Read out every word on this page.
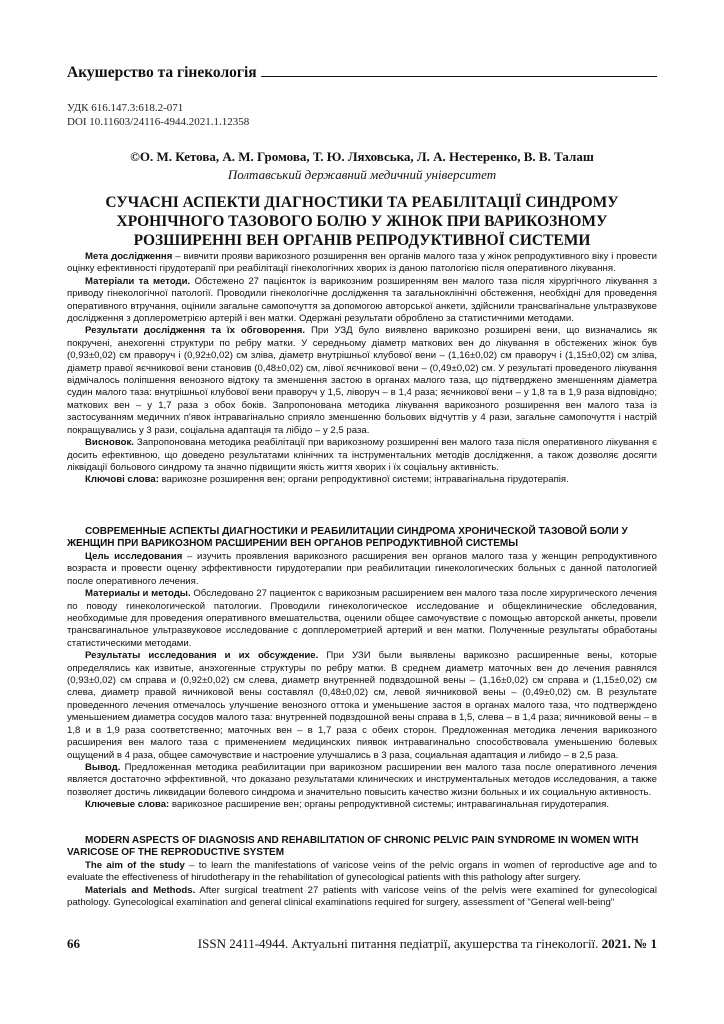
Акушерство та гінекологія
УДК 616.147.3:618.2-071
DOI 10.11603/24116-4944.2021.1.12358
©О. М. Кетова, А. М. Громова, Т. Ю. Ляховська, Л. А. Нестеренко, В. В. Талаш
Полтавський державний медичний університет
СУЧАСНІ АСПЕКТИ ДІАГНОСТИКИ ТА РЕАБІЛІТАЦІЇ СИНДРОМУ ХРОНІЧНОГО ТАЗОВОГО БОЛЮ У ЖІНОК ПРИ ВАРИКОЗНОМУ РОЗШИРЕННІ ВЕН ОРГАНІВ РЕПРОДУКТИВНОЇ СИСТЕМИ

Мета дослідження – вивчити прояви варикозного розширення вен органів малого таза у жінок репродуктивного віку і провести оцінку ефективності гірудотерапії при реабілітації гінекологічних хворих із даною патологією після оперативного лікування.

Матеріали та методи. Обстежено 27 пацієнток із варикозним розширенням вен малого таза після хірургічного лікування з приводу гінекологічної патології. Проводили гінекологічне дослідження та загальноклінічні обстеження, необхідні для проведення оперативного втручання, оцінили загальне самопочуття за допомогою авторської анкети, здійснили трансвагінальне ультразвукове дослідження з доплерометрією артерій і вен матки. Одержані результати оброблено за статистичними методами.

Результати дослідження та їх обговорення. При УЗД було виявлено варикозно розширені вени, що визначались як покручені, анехогенні структури по ребру матки. У середньому діаметр маткових вен до лікування в обстежених жінок був (0,93±0,02) см праворуч і (0,92±0,02) см зліва, діаметр внутрішньої клубової вени – (1,16±0,02) см праворуч і (1,15±0,02) см зліва, діаметр правої яєчникової вени становив (0,48±0,02) см, лівої яєчникової вени – (0,49±0,02) см. У результаті проведеного лікування відмічалось поліпшення венозного відтоку та зменшення застою в органах малого таза, що підтверджено зменшенням діаметра судин малого таза: внутрішньої клубової вени праворуч у 1,5, ліворуч – в 1,4 раза; яєчникової вени – у 1,8 та в 1,9 раза відповідно; маткових вен – у 1,7 раза з обох боків. Запропонована методика лікування варикозного розширення вен малого таза із застосуванням медичних п'явок інтравагінально сприяло зменшенню больових відчуттів у 4 рази, загальне самопочуття і настрій покращувались у 3 рази, соціальна адаптація та лібідо – у 2,5 раза.

Висновок. Запропонована методика реабілітації при варикозному розширенні вен малого таза після оперативного лікування є досить ефективною, що доведено результатами клінічних та інструментальних методів дослідження, а також дозволяє досягти ліквідації больового синдрому та значно підвищити якість життя хворих і їх соціальну активність.

Ключові слова: варикозне розширення вен; органи репродуктивної системи; інтравагінальна гірудотерапія.

СОВРЕМЕННЫЕ АСПЕКТЫ ДИАГНОСТИКИ И РЕАБИЛИТАЦИИ СИНДРОМА ХРОНИЧЕСКОЙ ТАЗОВОЙ БОЛИ У ЖЕНЩИН ПРИ ВАРИКОЗНОМ РАСШИРЕНИИ ВЕН ОРГАНОВ РЕПРОДУКТИВНОЙ СИСТЕМЫ

Цель исследования – изучить проявления варикозного расширения вен органов малого таза у женщин репродуктивного возраста и провести оценку эффективности гирудотерапии при реабилитации гинекологических больных с данной патологией после оперативного лечения.

Материалы и методы. Обследовано 27 пациенток с варикозным расширением вен малого таза после хирургического лечения по поводу гинекологической патологии. Проводили гинекологическое исследование и общеклинические обследования, необходимые для проведения оперативного вмешательства, оценили общее самочувствие с помощью авторской анкеты, провели трансвагинальное ультразвуковое исследование с допплерометрией артерий и вен матки. Полученные результаты обработаны статистическими методами.

Результаты исследования и их обсуждение. При УЗИ были выявлены варикозно расширенные вены, которые определялись как извитые, анэхогенные структуры по ребру матки. В среднем диаметр маточных вен до лечения равнялся (0,93±0,02) см справа и (0,92±0,02) см слева, диаметр внутренней подвздошной вены – (1,16±0,02) см справа и (1,15±0,02) см слева, диаметр правой яичниковой вены составлял (0,48±0,02) см, левой яичниковой вены – (0,49±0,02) см. В результате проведенного лечения отмечалось улучшение венозного оттока и уменьшение застоя в органах малого таза, что подтверждено уменьшением диаметра сосудов малого таза: внутренней подвздошной вены справа в 1,5, слева – в 1,4 раза; яичниковой вены – в 1,8 и в 1,9 раза соответственно; маточных вен – в 1,7 раза с обеих сторон. Предложенная методика лечения варикозного расширения вен малого таза с применением медицинских пиявок интравагинально способствовала уменьшению болевых ощущений в 4 раза, общее самочувствие и настроение улучшались в 3 раза, социальная адаптация и либидо – в 2,5 раза.

Вывод. Предложенная методика реабилитации при варикозном расширении вен малого таза после оперативного лечения является достаточно эффективной, что доказано результатами клинических и инструментальных методов исследования, а также позволяет достичь ликвидации болевого синдрома и значительно повысить качество жизни больных и их социальную активность.

Ключевые слова: варикозное расширение вен; органы репродуктивной системы; интравагинальная гирудотерапия.

MODERN ASPECTS OF DIAGNOSIS AND REHABILITATION OF CHRONIC PELVIC PAIN SYNDROME IN WOMEN WITH VARICOSE OF THE REPRODUCTIVE SYSTEM

The aim of the study – to learn the manifestations of varicose veins of the pelvic organs in women of reproductive age and to evaluate the effectiveness of hirudotherapy in the rehabilitation of gynecological patients with this pathology after surgery.

Materials and Methods. After surgical treatment 27 patients with varicose veins of the pelvis were examined for gynecological pathology. Gynecological examination and general clinical examinations required for surgery, assessment of "General well-being"

66	ISSN 2411-4944. Актуальні питання педіатрії, акушерства та гінекології. 2021. № 1
